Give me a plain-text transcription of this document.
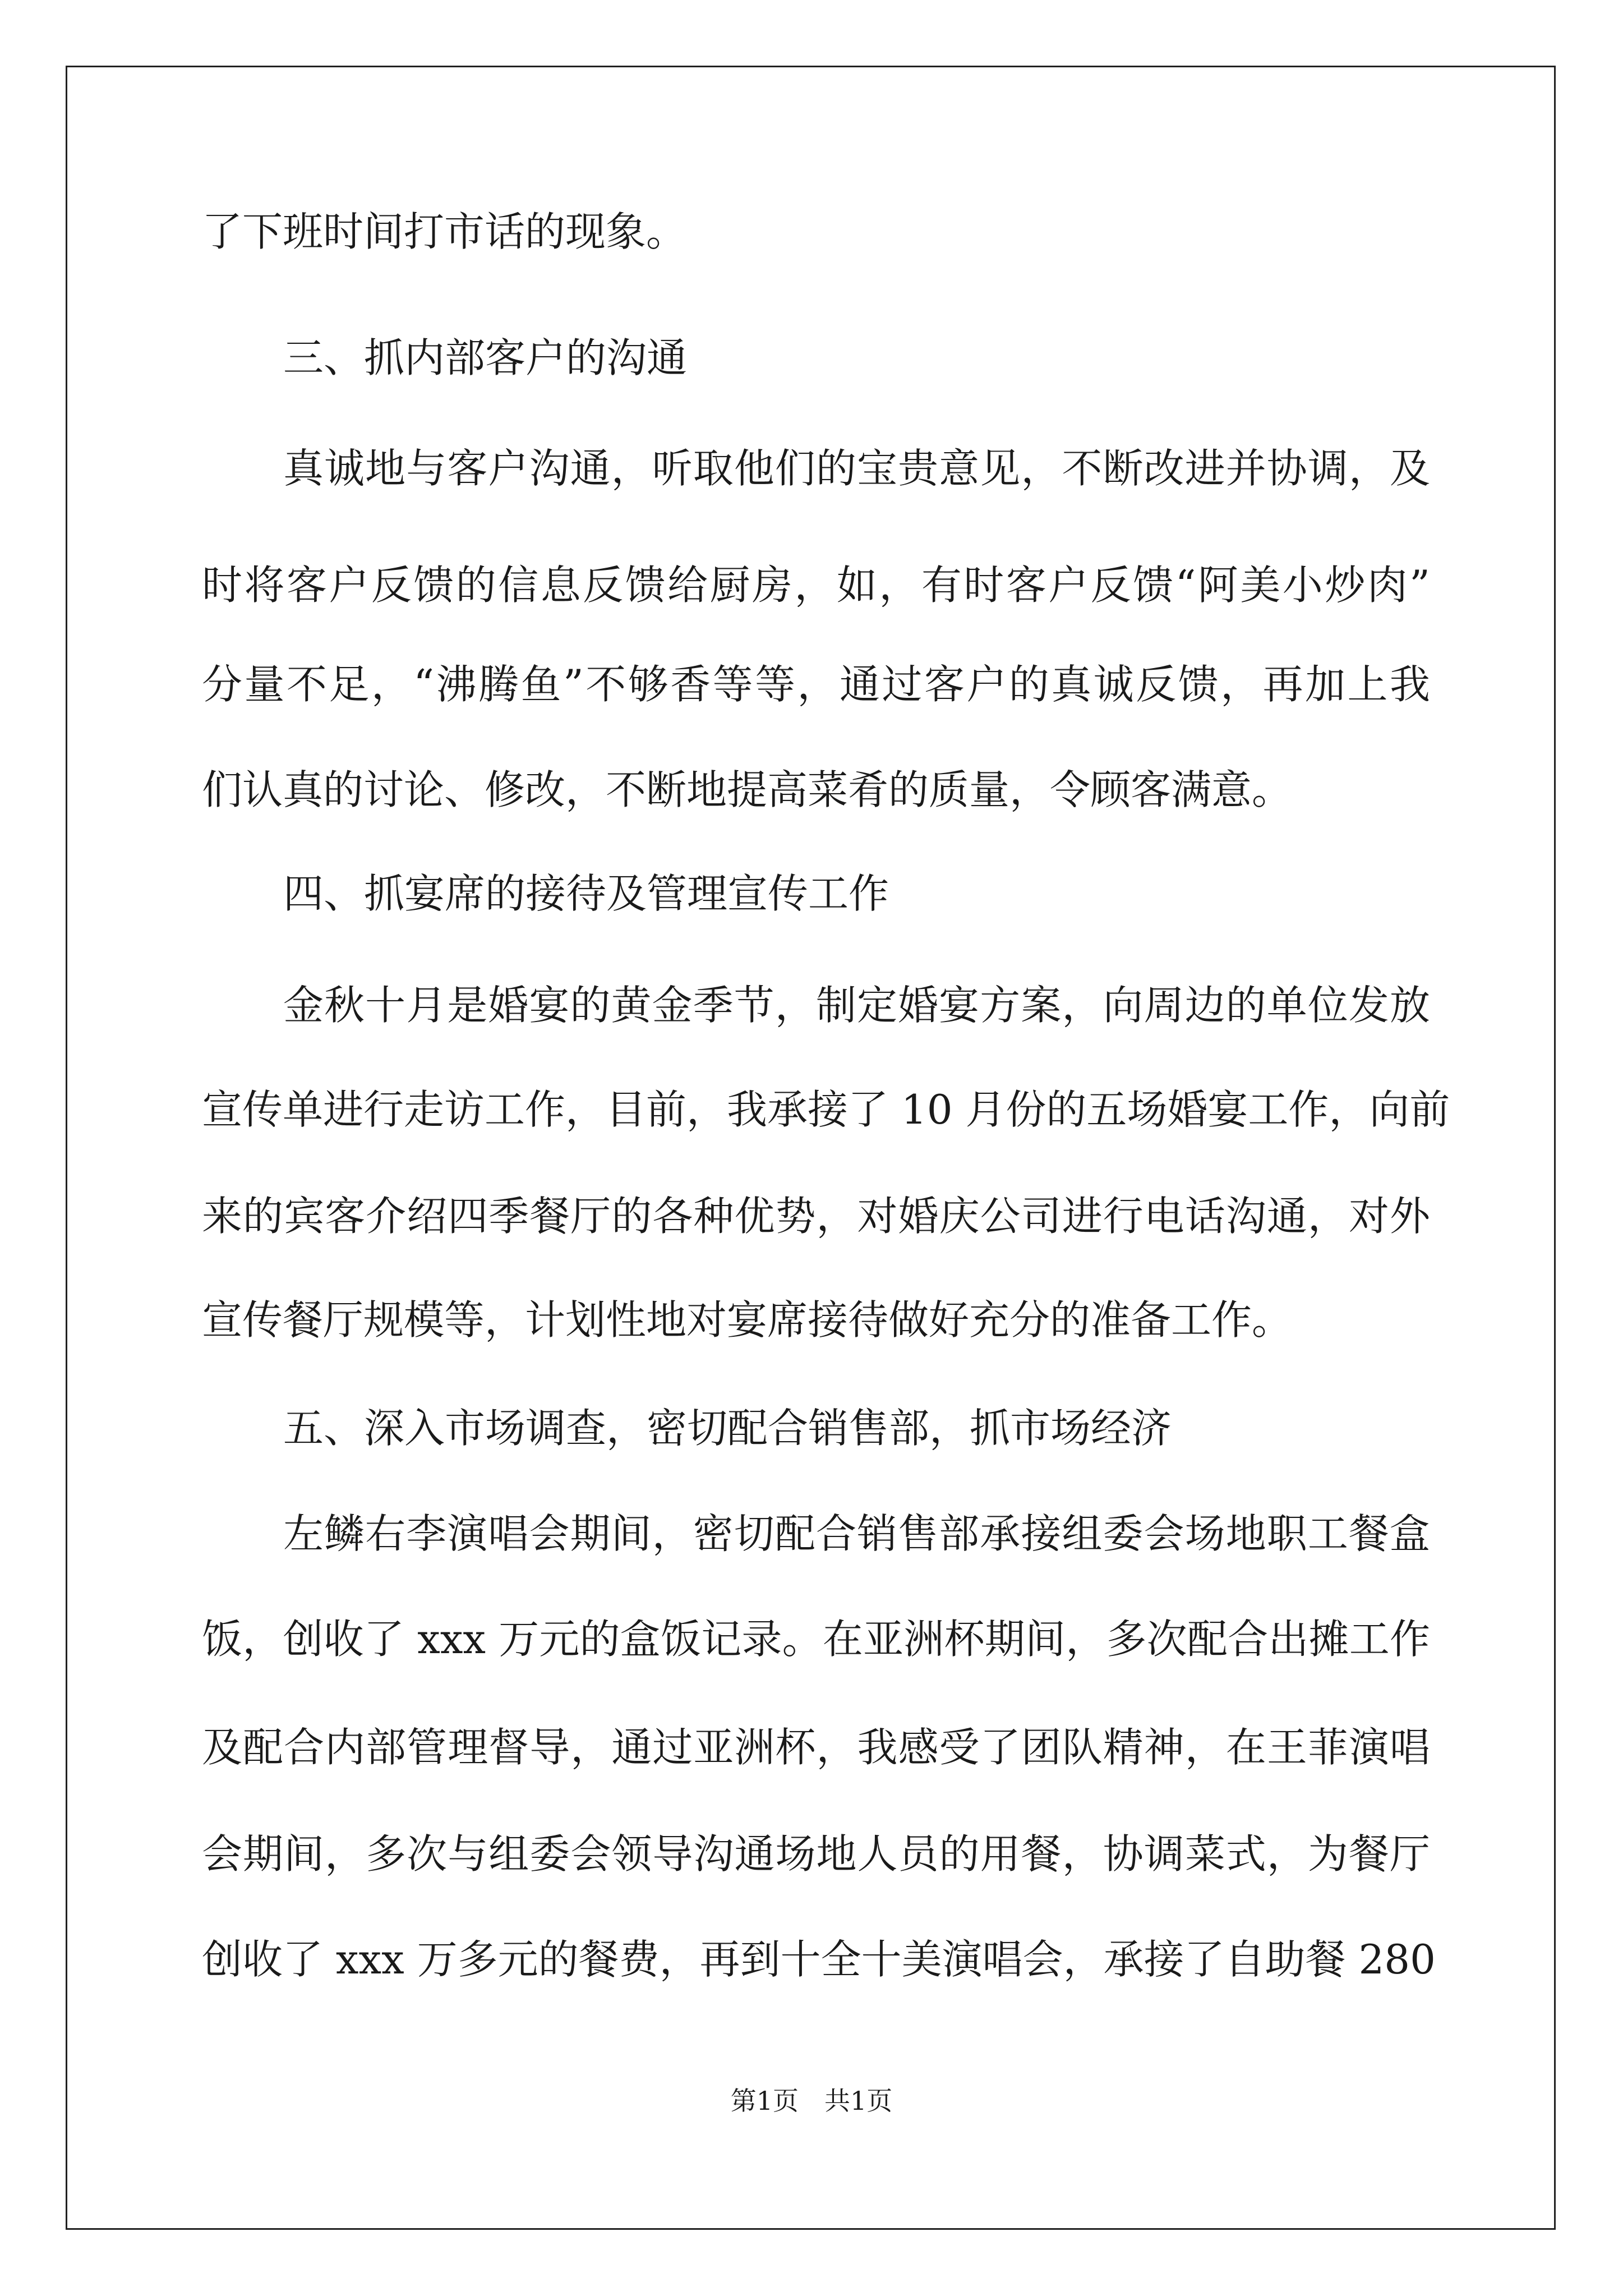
了下班时间打市话的现象。

三、抓内部客户的沟通

真诚地与客户沟通，听取他们的宝贵意见，不断改进并协调，及

时将客户反馈的信息反馈给厨房，如，有时客户反馈“阿美小炒肉”

分量不足，“沸腾鱼”不够香等等，通过客户的真诚反馈，再加上我

们认真的讨论、修改，不断地提高菜肴的质量，令顾客满意。

四、抓宴席的接待及管理宣传工作

金秋十月是婚宴的黄金季节，制定婚宴方案，向周边的单位发放

宣传单进行走访工作，目前，我承接了 10 月份的五场婚宴工作，向前

来的宾客介绍四季餐厅的各种优势，对婚庆公司进行电话沟通，对外

宣传餐厅规模等，计划性地对宴席接待做好充分的准备工作。

五、深入市场调查，密切配合销售部，抓市场经济

左鳞右李演唱会期间，密切配合销售部承接组委会场地职工餐盒

饭，创收了 xxx 万元的盒饭记录。在亚洲杯期间，多次配合出摊工作

及配合内部管理督导，通过亚洲杯，我感受了团队精神，在王菲演唱

会期间，多次与组委会领导沟通场地人员的用餐，协调菜式，为餐厅

创收了 xxx 万多元的餐费，再到十全十美演唱会，承接了自助餐 280

第1页　共1页
